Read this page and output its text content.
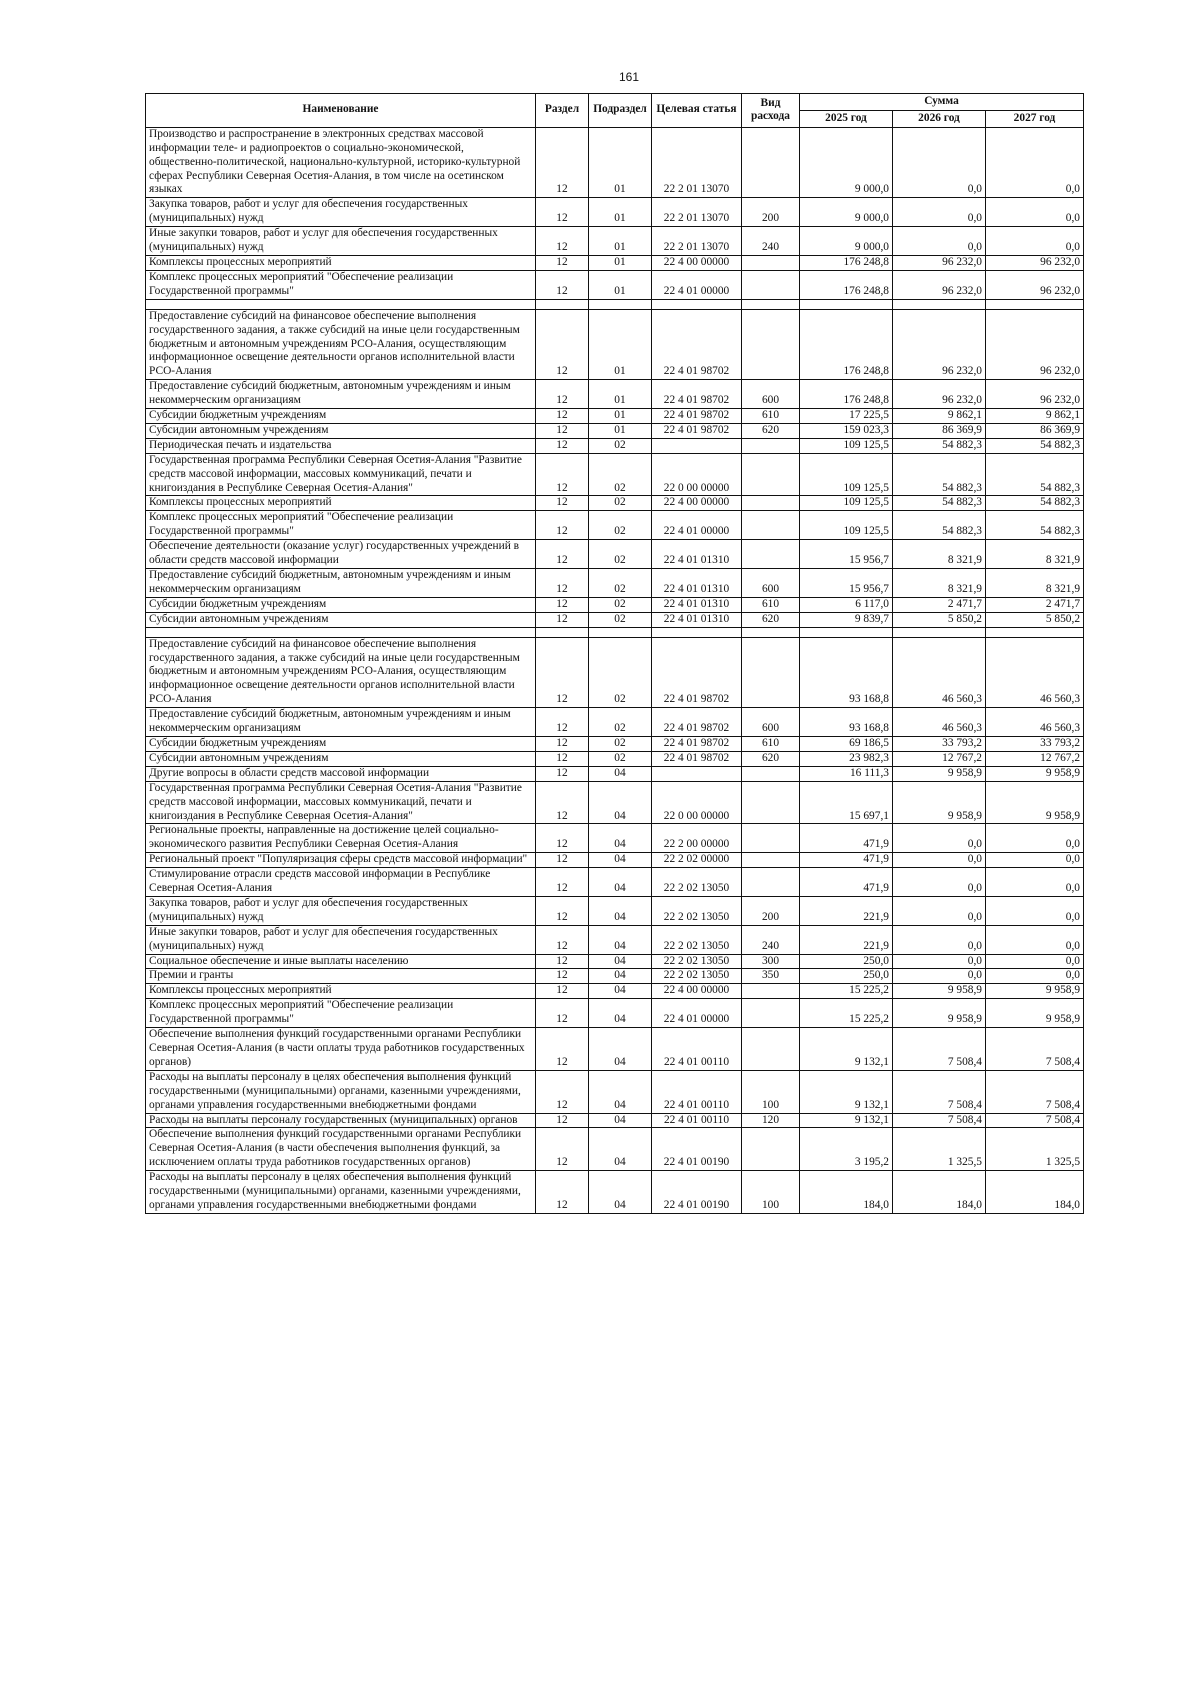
161
Наименование	Раздел	Подраздел	Целевая статья	Вид расхода	Сумма		
					2025 год	2026 год	2027 год
Производство и распространение в электронных средствах массовой информации теле- и радиопроектов о социально-экономической, общественно-политической, национально-культурной, историко-культурной сферах Республики Северная Осетия-Алания, в том числе на осетинском языках	12	01	22 2 01 13070		9 000,0	0,0	0,0
Закупка товаров, работ и услуг для обеспечения государственных (муниципальных) нужд	12	01	22 2 01 13070	200	9 000,0	0,0	0,0
Иные закупки товаров, работ и услуг для обеспечения государственных (муниципальных) нужд	12	01	22 2 01 13070	240	9 000,0	0,0	0,0
Комплексы процессных мероприятий	12	01	22 4 00 00000		176 248,8	96 232,0	96 232,0
Комплекс процессных мероприятий "Обеспечение реализации Государственной программы"	12	01	22 4 01 00000		176 248,8	96 232,0	96 232,0

Предоставление субсидий на финансовое обеспечение выполнения государственного задания, а также субсидий на иные цели государственным бюджетным и автономным учреждениям РСО-Алания, осуществляющим информационное освещение деятельности органов исполнительной власти РСО-Алания	12	01	22 4 01 98702		176 248,8	96 232,0	96 232,0
Предоставление субсидий бюджетным, автономным учреждениям и иным некоммерческим организациям	12	01	22 4 01 98702	600	176 248,8	96 232,0	96 232,0
Субсидии бюджетным учреждениям	12	01	22 4 01 98702	610	17 225,5	9 862,1	9 862,1
Субсидии автономным учреждениям	12	01	22 4 01 98702	620	159 023,3	86 369,9	86 369,9
Периодическая печать и издательства	12	02			109 125,5	54 882,3	54 882,3
Государственная программа Республики Северная Осетия-Алания "Развитие средств массовой информации, массовых коммуникаций, печати и книгоиздания в Республике Северная Осетия-Алания"	12	02	22 0 00 00000		109 125,5	54 882,3	54 882,3
Комплексы процессных мероприятий	12	02	22 4 00 00000		109 125,5	54 882,3	54 882,3
Комплекс процессных мероприятий "Обеспечение реализации Государственной программы"	12	02	22 4 01 00000		109 125,5	54 882,3	54 882,3
Обеспечение деятельности (оказание услуг) государственных учреждений в области средств массовой информации	12	02	22 4 01 01310		15 956,7	8 321,9	8 321,9
Предоставление субсидий бюджетным, автономным учреждениям и иным некоммерческим организациям	12	02	22 4 01 01310	600	15 956,7	8 321,9	8 321,9
Субсидии бюджетным учреждениям	12	02	22 4 01 01310	610	6 117,0	2 471,7	2 471,7
Субсидии автономным учреждениям	12	02	22 4 01 01310	620	9 839,7	5 850,2	5 850,2

Предоставление субсидий на финансовое обеспечение выполнения государственного задания, а также субсидий на иные цели государственным бюджетным и автономным учреждениям РСО-Алания, осуществляющим информационное освещение деятельности органов исполнительной власти РСО-Алания	12	02	22 4 01 98702		93 168,8	46 560,3	46 560,3
Предоставление субсидий бюджетным, автономным учреждениям и иным некоммерческим организациям	12	02	22 4 01 98702	600	93 168,8	46 560,3	46 560,3
Субсидии бюджетным учреждениям	12	02	22 4 01 98702	610	69 186,5	33 793,2	33 793,2
Субсидии автономным учреждениям	12	02	22 4 01 98702	620	23 982,3	12 767,2	12 767,2
Другие вопросы в области средств массовой информации	12	04			16 111,3	9 958,9	9 958,9
Государственная программа Республики Северная Осетия-Алания "Развитие средств массовой информации, массовых коммуникаций, печати и книгоиздания в Республике Северная Осетия-Алания"	12	04	22 0 00 00000		15 697,1	9 958,9	9 958,9
Региональные проекты, направленные на достижение целей социально-экономического развития Республики Северная Осетия-Алания	12	04	22 2 00 00000		471,9	0,0	0,0
Региональный проект "Популяризация сферы средств массовой информации"	12	04	22 2 02 00000		471,9	0,0	0,0
Стимулирование отрасли средств массовой информации в Республике Северная Осетия-Алания	12	04	22 2 02 13050		471,9	0,0	0,0
Закупка товаров, работ и услуг для обеспечения государственных (муниципальных) нужд	12	04	22 2 02 13050	200	221,9	0,0	0,0
Иные закупки товаров, работ и услуг для обеспечения государственных (муниципальных) нужд	12	04	22 2 02 13050	240	221,9	0,0	0,0
Социальное обеспечение и иные выплаты населению	12	04	22 2 02 13050	300	250,0	0,0	0,0
Премии и гранты	12	04	22 2 02 13050	350	250,0	0,0	0,0
Комплексы процессных мероприятий	12	04	22 4 00 00000		15 225,2	9 958,9	9 958,9
Комплекс процессных мероприятий "Обеспечение реализации Государственной программы"	12	04	22 4 01 00000		15 225,2	9 958,9	9 958,9
Обеспечение выполнения функций государственными органами Республики Северная Осетия-Алания (в части оплаты труда работников государственных органов)	12	04	22 4 01 00110		9 132,1	7 508,4	7 508,4
Расходы на выплаты персоналу в целях обеспечения выполнения функций государственными (муниципальными) органами, казенными учреждениями, органами управления государственными внебюджетными фондами	12	04	22 4 01 00110	100	9 132,1	7 508,4	7 508,4
Расходы на выплаты персоналу государственных (муниципальных) органов	12	04	22 4 01 00110	120	9 132,1	7 508,4	7 508,4
Обеспечение выполнения функций государственными органами Республики Северная Осетия-Алания (в части обеспечения выполнения функций, за исключением оплаты труда работников государственных органов)	12	04	22 4 01 00190		3 195,2	1 325,5	1 325,5
Расходы на выплаты персоналу в целях обеспечения выполнения функций государственными (муниципальными) органами, казенными учреждениями, органами управления государственными внебюджетными фондами	12	04	22 4 01 00190	100	184,0	184,0	184,0
